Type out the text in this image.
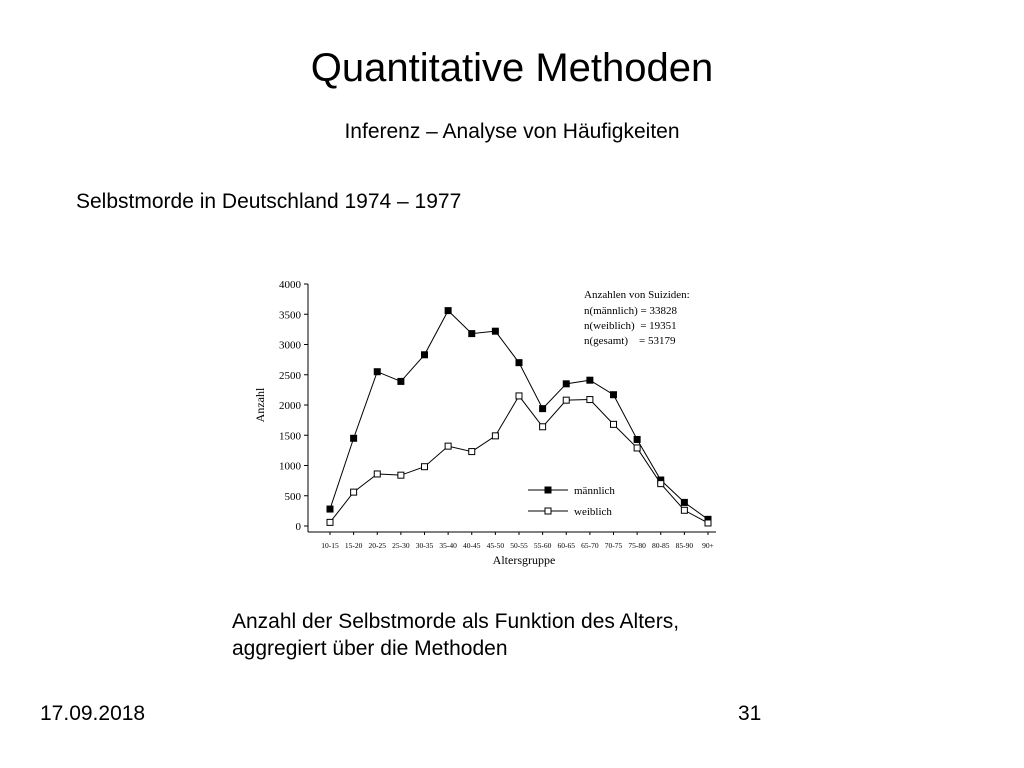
Quantitative Methoden
Inferenz – Analyse von Häufigkeiten
Selbstmorde in Deutschland 1974 – 1977
0
500
1000
1500
2000
2500
3000
3500
4000
10-15 15-20 20-25 25-30 30-35 35-40 40-45 45-50 50-55 55-60 60-65 65-70 70-75 75-80 80-85 85-90 90+
Anzahl
Altersgruppe
Anzahlen von Suiziden:
n(männlich) = 33828
n(weiblich)  = 19351
n(gesamt)    = 53179
männlich
weiblich
Anzahl der Selbstmorde als Funktion des Alters,
aggregiert über die Methoden
17.09.2018	31
